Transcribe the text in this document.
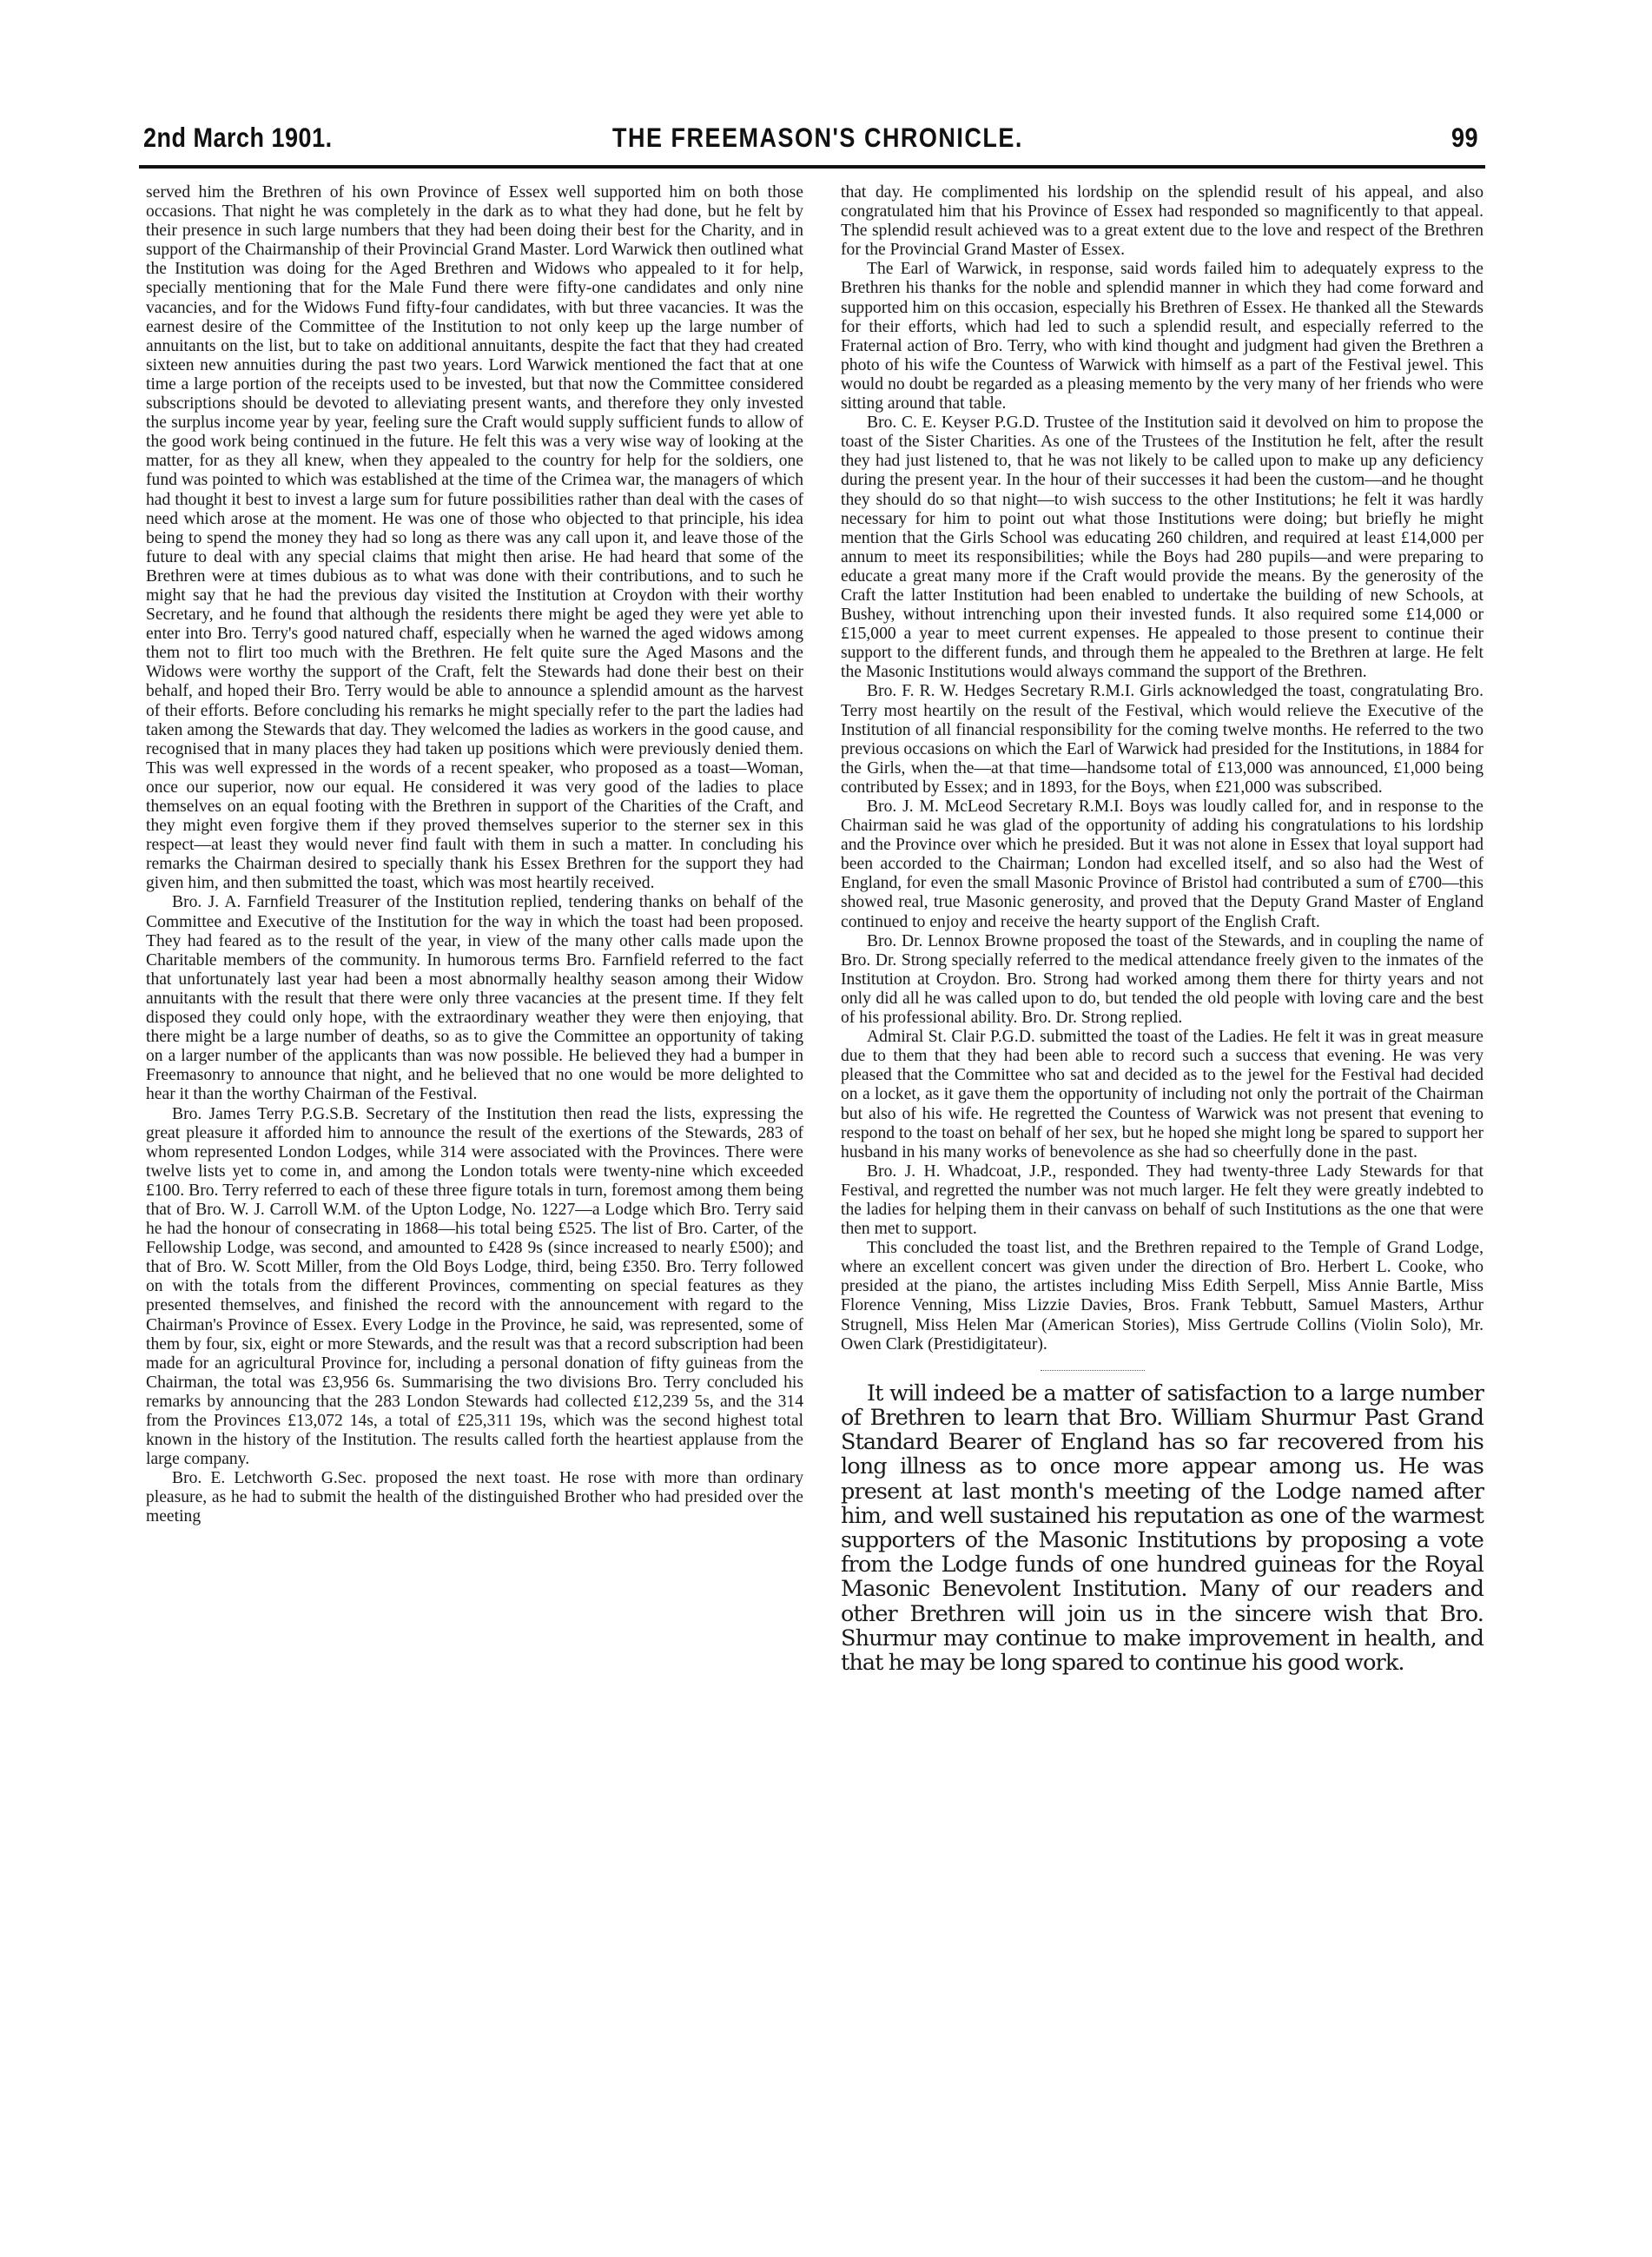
2nd March 1901.	THE FREEMASON'S CHRONICLE.	99

served him the Brethren of his own Province of Essex well supported him on both those occasions. That night he was completely in the dark as to what they had done, but he felt by their presence in such large numbers that they had been doing their best for the Charity, and in support of the Chairmanship of their Provincial Grand Master. Lord Warwick then outlined what the Institution was doing for the Aged Brethren and Widows who appealed to it for help, specially mentioning that for the Male Fund there were fifty-one candidates and only nine vacancies, and for the Widows Fund fifty-four candidates, with but three vacancies. It was the earnest desire of the Committee of the Institution to not only keep up the large number of annuitants on the list, but to take on additional annuitants, despite the fact that they had created sixteen new annuities during the past two years. Lord Warwick mentioned the fact that at one time a large portion of the receipts used to be invested, but that now the Committee considered subscriptions should be devoted to alleviating present wants, and therefore they only invested the surplus income year by year, feeling sure the Craft would supply sufficient funds to allow of the good work being continued in the future. He felt this was a very wise way of looking at the matter, for as they all knew, when they appealed to the country for help for the soldiers, one fund was pointed to which was established at the time of the Crimea war, the managers of which had thought it best to invest a large sum for future possibilities rather than deal with the cases of need which arose at the moment. He was one of those who objected to that principle, his idea being to spend the money they had so long as there was any call upon it, and leave those of the future to deal with any special claims that might then arise. He had heard that some of the Brethren were at times dubious as to what was done with their contributions, and to such he might say that he had the previous day visited the Institution at Croydon with their worthy Secretary, and he found that although the residents there might be aged they were yet able to enter into Bro. Terry's good natured chaff, especially when he warned the aged widows among them not to flirt too much with the Brethren. He felt quite sure the Aged Masons and the Widows were worthy the support of the Craft, felt the Stewards had done their best on their behalf, and hoped their Bro. Terry would be able to announce a splendid amount as the harvest of their efforts. Before concluding his remarks he might specially refer to the part the ladies had taken among the Stewards that day. They welcomed the ladies as workers in the good cause, and recognised that in many places they had taken up positions which were previously denied them. This was well expressed in the words of a recent speaker, who proposed as a toast—Woman, once our superior, now our equal. He considered it was very good of the ladies to place themselves on an equal footing with the Brethren in support of the Charities of the Craft, and they might even forgive them if they proved themselves superior to the sterner sex in this respect—at least they would never find fault with them in such a matter. In concluding his remarks the Chairman desired to specially thank his Essex Brethren for the support they had given him, and then submitted the toast, which was most heartily received.

Bro. J. A. Farnfield Treasurer of the Institution replied, tendering thanks on behalf of the Committee and Executive of the Institution for the way in which the toast had been proposed. They had feared as to the result of the year, in view of the many other calls made upon the Charitable members of the community. In humorous terms Bro. Farnfield referred to the fact that unfortunately last year had been a most abnormally healthy season among their Widow annuitants with the result that there were only three vacancies at the present time. If they felt disposed they could only hope, with the extraordinary weather they were then enjoying, that there might be a large number of deaths, so as to give the Committee an opportunity of taking on a larger number of the applicants than was now possible. He believed they had a bumper in Freemasonry to announce that night, and he believed that no one would be more delighted to hear it than the worthy Chairman of the Festival.

Bro. James Terry P.G.S.B. Secretary of the Institution then read the lists, expressing the great pleasure it afforded him to announce the result of the exertions of the Stewards, 283 of whom represented London Lodges, while 314 were associated with the Provinces. There were twelve lists yet to come in, and among the London totals were twenty-nine which exceeded £100. Bro. Terry referred to each of these three figure totals in turn, foremost among them being that of Bro. W. J. Carroll W.M. of the Upton Lodge, No. 1227—a Lodge which Bro. Terry said he had the honour of consecrating in 1868—his total being £525. The list of Bro. Carter, of the Fellowship Lodge, was second, and amounted to £428 9s (since increased to nearly £500); and that of Bro. W. Scott Miller, from the Old Boys Lodge, third, being £350. Bro. Terry followed on with the totals from the different Provinces, commenting on special features as they presented themselves, and finished the record with the announcement with regard to the Chairman's Province of Essex. Every Lodge in the Province, he said, was represented, some of them by four, six, eight or more Stewards, and the result was that a record subscription had been made for an agricultural Province for, including a personal donation of fifty guineas from the Chairman, the total was £3,956 6s. Summarising the two divisions Bro. Terry concluded his remarks by announcing that the 283 London Stewards had collected £12,239 5s, and the 314 from the Provinces £13,072 14s, a total of £25,311 19s, which was the second highest total known in the history of the Institution. The results called forth the heartiest applause from the large company.

Bro. E. Letchworth G.Sec. proposed the next toast. He rose with more than ordinary pleasure, as he had to submit the health of the distinguished Brother who had presided over the meeting

that day. He complimented his lordship on the splendid result of his appeal, and also congratulated him that his Province of Essex had responded so magnificently to that appeal. The splendid result achieved was to a great extent due to the love and respect of the Brethren for the Provincial Grand Master of Essex.

The Earl of Warwick, in response, said words failed him to adequately express to the Brethren his thanks for the noble and splendid manner in which they had come forward and supported him on this occasion, especially his Brethren of Essex. He thanked all the Stewards for their efforts, which had led to such a splendid result, and especially referred to the Fraternal action of Bro. Terry, who with kind thought and judgment had given the Brethren a photo of his wife the Countess of Warwick with himself as a part of the Festival jewel. This would no doubt be regarded as a pleasing memento by the very many of her friends who were sitting around that table.

Bro. C. E. Keyser P.G.D. Trustee of the Institution said it devolved on him to propose the toast of the Sister Charities. As one of the Trustees of the Institution he felt, after the result they had just listened to, that he was not likely to be called upon to make up any deficiency during the present year. In the hour of their successes it had been the custom—and he thought they should do so that night—to wish success to the other Institutions; he felt it was hardly necessary for him to point out what those Institutions were doing; but briefly he might mention that the Girls School was educating 260 children, and required at least £14,000 per annum to meet its responsibilities; while the Boys had 280 pupils—and were preparing to educate a great many more if the Craft would provide the means. By the generosity of the Craft the latter Institution had been enabled to undertake the building of new Schools, at Bushey, without intrenching upon their invested funds. It also required some £14,000 or £15,000 a year to meet current expenses. He appealed to those present to continue their support to the different funds, and through them he appealed to the Brethren at large. He felt the Masonic Institutions would always command the support of the Brethren.

Bro. F. R. W. Hedges Secretary R.M.I. Girls acknowledged the toast, congratulating Bro. Terry most heartily on the result of the Festival, which would relieve the Executive of the Institution of all financial responsibility for the coming twelve months. He referred to the two previous occasions on which the Earl of Warwick had presided for the Institutions, in 1884 for the Girls, when the—at that time—handsome total of £13,000 was announced, £1,000 being contributed by Essex; and in 1893, for the Boys, when £21,000 was subscribed.

Bro. J. M. McLeod Secretary R.M.I. Boys was loudly called for, and in response to the Chairman said he was glad of the opportunity of adding his congratulations to his lordship and the Province over which he presided. But it was not alone in Essex that loyal support had been accorded to the Chairman; London had excelled itself, and so also had the West of England, for even the small Masonic Province of Bristol had contributed a sum of £700—this showed real, true Masonic generosity, and proved that the Deputy Grand Master of England continued to enjoy and receive the hearty support of the English Craft.

Bro. Dr. Lennox Browne proposed the toast of the Stewards, and in coupling the name of Bro. Dr. Strong specially referred to the medical attendance freely given to the inmates of the Institution at Croydon. Bro. Strong had worked among them there for thirty years and not only did all he was called upon to do, but tended the old people with loving care and the best of his professional ability. Bro. Dr. Strong replied.

Admiral St. Clair P.G.D. submitted the toast of the Ladies. He felt it was in great measure due to them that they had been able to record such a success that evening. He was very pleased that the Committee who sat and decided as to the jewel for the Festival had decided on a locket, as it gave them the opportunity of including not only the portrait of the Chairman but also of his wife. He regretted the Countess of Warwick was not present that evening to respond to the toast on behalf of her sex, but he hoped she might long be spared to support her husband in his many works of benevolence as she had so cheerfully done in the past.

Bro. J. H. Whadcoat, J.P., responded. They had twenty-three Lady Stewards for that Festival, and regretted the number was not much larger. He felt they were greatly indebted to the ladies for helping them in their canvass on behalf of such Institutions as the one that were then met to support.

This concluded the toast list, and the Brethren repaired to the Temple of Grand Lodge, where an excellent concert was given under the direction of Bro. Herbert L. Cooke, who presided at the piano, the artistes including Miss Edith Serpell, Miss Annie Bartle, Miss Florence Venning, Miss Lizzie Davies, Bros. Frank Tebbutt, Samuel Masters, Arthur Strugnell, Miss Helen Mar (American Stories), Miss Gertrude Collins (Violin Solo), Mr. Owen Clark (Prestidigitateur).

It will indeed be a matter of satisfaction to a large number of Brethren to learn that Bro. William Shurmur Past Grand Standard Bearer of England has so far recovered from his long illness as to once more appear among us. He was present at last month's meeting of the Lodge named after him, and well sustained his reputation as one of the warmest supporters of the Masonic Institutions by proposing a vote from the Lodge funds of one hundred guineas for the Royal Masonic Benevolent Institution. Many of our readers and other Brethren will join us in the sincere wish that Bro. Shurmur may continue to make improvement in health, and that he may be long spared to continue his good work.
